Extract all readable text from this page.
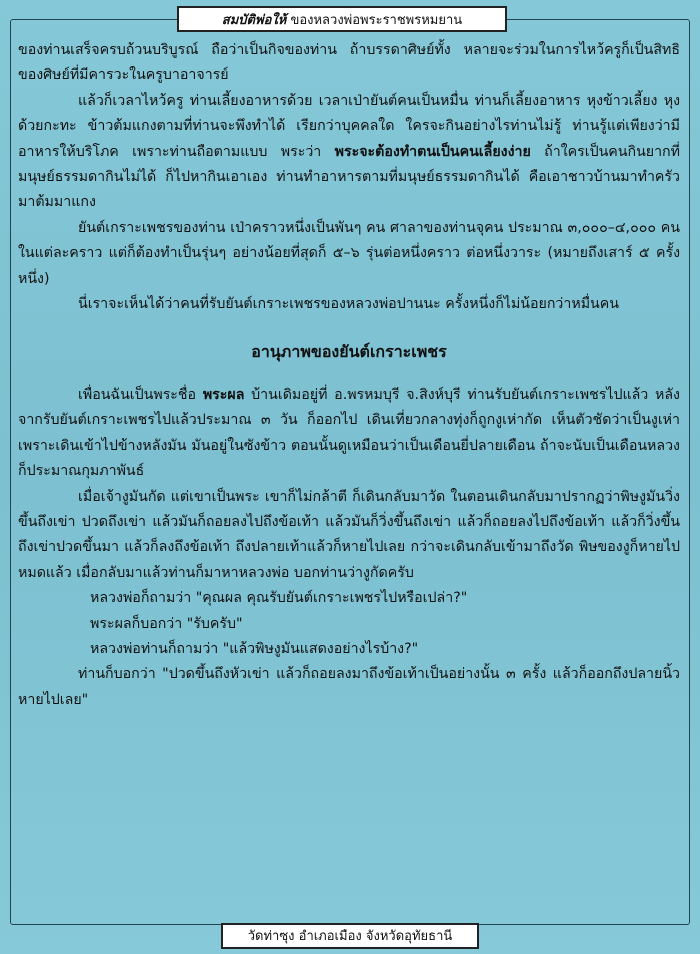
สมบัติพ่อให้ ของหลวงพ่อพระราชพรหมยาน

ของท่านเสร็จครบถ้วนบริบูรณ์ ถือว่าเป็นกิจของท่าน ถ้าบรรดาศิษย์ทั้ง หลายจะร่วมในการไหว้ครูก็เป็นสิทธิของศิษย์ที่มีคารวะในครูบาอาจารย์

แล้วก็เวลาไหว้ครู ท่านเลี้ยงอาหารด้วย เวลาเป่ายันต์คนเป็นหมื่น ท่านก็เลี้ยงอาหาร หุงข้าวเลี้ยง หุงด้วยกะทะ ข้าวต้มแกงตามที่ท่านจะพึงทำได้ เรียกว่าบุคคลใด ใครจะกินอย่างไรท่านไม่รู้ ท่านรู้แต่เพียงว่ามีอาหารให้บริโภค เพราะท่านถือตามแบบ พระว่า พระจะต้องทำตนเป็นคนเลี้ยงง่าย ถ้าใครเป็นคนกินยากที่มนุษย์ธรรมดากินไม่ได้ ก็ไปหากินเอาเอง ท่านทำอาหารตามที่มนุษย์ธรรมดากินได้ คือเอาชาวบ้านมาทำครัว มาต้มมาแกง

ยันต์เกราะเพชรของท่าน เป่าคราวหนึ่งเป็นพันๆ คน ศาลาของท่านจุคน ประมาณ ๓,๐๐๐–๔,๐๐๐ คน ในแต่ละคราว แต่ก็ต้องทำเป็นรุ่นๆ อย่างน้อยที่สุดก็ ๕–๖ รุ่นต่อหนึ่งคราว ต่อหนึ่งวาระ (หมายถึงเสาร์ ๕ ครั้งหนึ่ง)

นี่เราจะเห็นได้ว่าคนที่รับยันต์เกราะเพชรของหลวงพ่อปานนะ ครั้งหนึ่งก็ไม่น้อยกว่าหมื่นคน

อานุภาพของยันต์เกราะเพชร

เพื่อนฉันเป็นพระชื่อ พระผล บ้านเดิมอยู่ที่ อ.พรหมบุรี จ.สิงห์บุรี ท่านรับยันต์เกราะเพชรไปแล้ว หลังจากรับยันต์เกราะเพชรไปแล้วประมาณ ๓ วัน ก็ออกไป เดินเที่ยวกลางทุ่งก็ถูกงูเห่ากัด เห็นตัวชัดว่าเป็นงูเห่า เพราะเดินเข้าไปข้างหลังมัน มันอยู่ในซังข้าว ตอนนั้นดูเหมือนว่าเป็นเดือนยี่ปลายเดือน ถ้าจะนับเป็นเดือนหลวง ก็ประมาณกุมภาพันธ์

เมื่อเจ้างูมันกัด แต่เขาเป็นพระ เขาก็ไม่กล้าตี ก็เดินกลับมาวัด ในตอนเดินกลับมาปรากฏว่าพิษงูมันวิ่งขึ้นถึงเข่า ปวดถึงเข่า แล้วมันก็ถอยลงไปถึงข้อเท้า แล้วมันก็วิ่งขึ้นถึงเข่า แล้วก็ถอยลงไปถึงข้อเท้า แล้วก็วิ่งขึ้นถึงเข่าปวดขึ้นมา แล้วก็ลงถึงข้อเท้า ถึงปลายเท้าแล้วก็หายไปเลย กว่าจะเดินกลับเข้ามาถึงวัด พิษของงูก็หายไปหมดแล้ว เมื่อกลับมาแล้วท่านก็มาหาหลวงพ่อ บอกท่านว่างูกัดครับ

หลวงพ่อก็ถามว่า "คุณผล คุณรับยันต์เกราะเพชรไปหรือเปล่า?"

พระผลก็บอกว่า "รับครับ"

หลวงพ่อท่านก็ถามว่า "แล้วพิษงูมันแสดงอย่างไรบ้าง?"

ท่านก็บอกว่า "ปวดขึ้นถึงหัวเข่า แล้วก็ถอยลงมาถึงข้อเท้าเป็นอย่างนั้น ๓ ครั้ง แล้วก็ออกถึงปลายนิ้ว หายไปเลย"

วัดท่าซุง อำเภอเมือง จังหวัดอุทัยธานี
